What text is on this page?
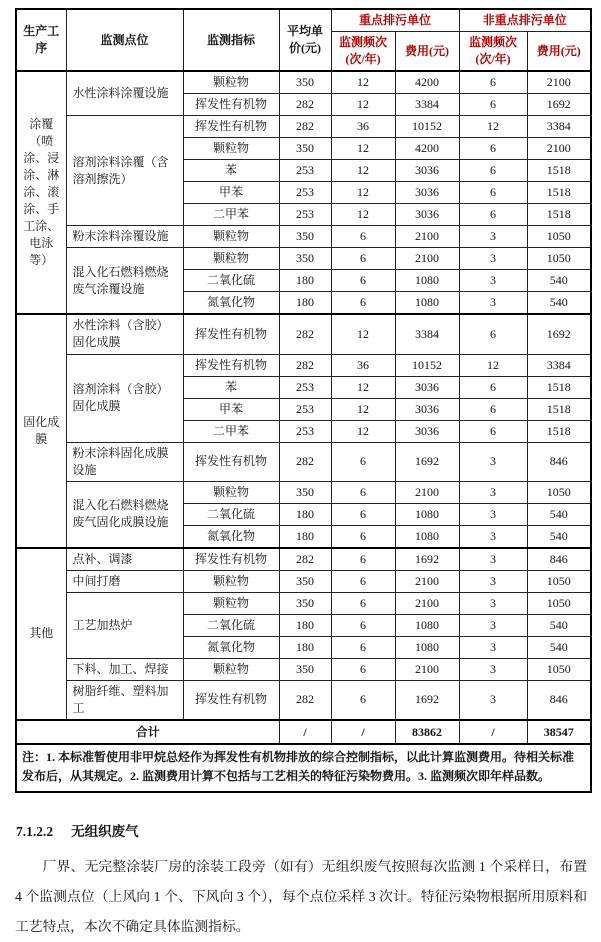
生产工序	监测点位	监测指标	平均单价(元)	重点排污单位		非重点排污单位	
				监测频次(次/年)	费用(元)	监测频次(次/年)	费用(元)
涂覆（喷涂、浸涂、淋涂、滚涂、手工涂、电泳等）	水性涂料涂覆设施	颗粒物	350	12	4200	6	2100
		挥发性有机物	282	12	3384	6	1692
	溶剂涂料涂覆（含溶剂擦洗）	挥发性有机物	282	36	10152	12	3384
		颗粒物	350	12	4200	6	2100
		苯	253	12	3036	6	1518
		甲苯	253	12	3036	6	1518
		二甲苯	253	12	3036	6	1518
	粉末涂料涂覆设施	颗粒物	350	6	2100	3	1050
	混入化石燃料燃烧废气涂覆设施	颗粒物	350	6	2100	3	1050
		二氧化硫	180	6	1080	3	540
		氮氧化物	180	6	1080	3	540
固化成膜	水性涂料（含胶）固化成膜	挥发性有机物	282	12	3384	6	1692
	溶剂涂料（含胶）固化成膜	挥发性有机物	282	36	10152	12	3384
		苯	253	12	3036	6	1518
		甲苯	253	12	3036	6	1518
		二甲苯	253	12	3036	6	1518
	粉末涂料固化成膜设施	挥发性有机物	282	6	1692	3	846
	混入化石燃料燃烧废气固化成膜设施	颗粒物	350	6	2100	3	1050
		二氧化硫	180	6	1080	3	540
		氮氧化物	180	6	1080	3	540
其他	点补、调漆	挥发性有机物	282	6	1692	3	846
	中间打磨	颗粒物	350	6	2100	3	1050
	工艺加热炉	颗粒物	350	6	2100	3	1050
		二氧化硫	180	6	1080	3	540
		氮氧化物	180	6	1080	3	540
	下料、加工、焊接	颗粒物	350	6	2100	3	1050
	树脂纤维、塑料加工	挥发性有机物	282	6	1692	3	846
合计			/	/	83862	/	38547
注：1. 本标准暂使用非甲烷总烃作为挥发性有机物排放的综合控制指标，以此计算监测费用。待相关标准发布后，从其规定。2. 监测费用计算不包括与工艺相关的特征污染物费用。3. 监测频次即年样品数。							
7.1.2.2 无组织废气

厂界、无完整涂装厂房的涂装工段旁（如有）无组织废气按照每次监测 1 个采样日，布置 4 个监测点位（上风向 1 个、下风向 3 个），每个点位采样 3 次计。特征污染物根据所用原料和工艺特点，本次不确定具体监测指标。
